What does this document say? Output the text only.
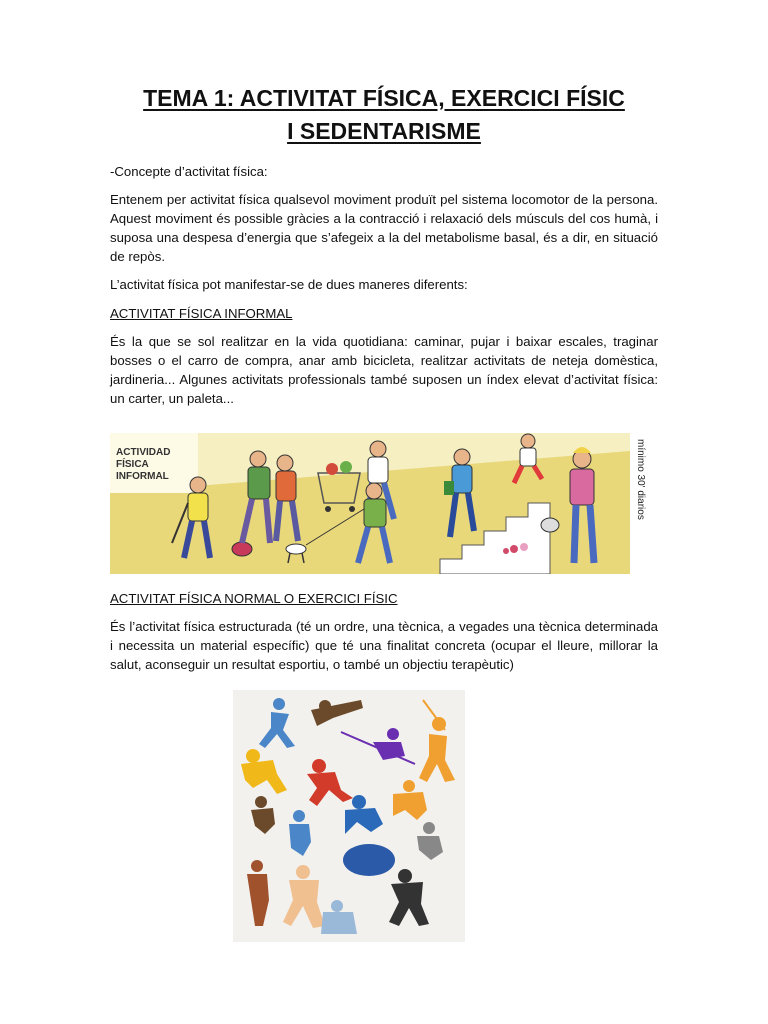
TEMA 1: ACTIVITAT FÍSICA, EXERCICI FÍSIC
I SEDENTARISME
-Concepte d’activitat física:
Entenem per activitat física qualsevol moviment produït pel sistema locomotor de la persona. Aquest moviment és possible gràcies a la contracció i relaxació dels músculs del cos humà, i suposa una despesa d’energia que s’afegeix a la del metabolisme basal, és a dir, en situació de repòs.
L’activitat física pot manifestar-se de dues maneres diferents:
ACTIVITAT FÍSICA INFORMAL
És la que se sol realitzar en la vida quotidiana: caminar, pujar i baixar escales, traginar bosses o el carro de compra, anar amb bicicleta, realitzar activitats de neteja domèstica, jardineria... Algunes activitats professionals també suposen un índex elevat d’activitat física: un carter, un paleta...
ACTIVIDAD
FÍSICA
INFORMAL	mínimo 30' diarios
ACTIVITAT FÍSICA NORMAL O EXERCICI FÍSIC
És l’activitat física estructurada (té un ordre, una tècnica, a vegades una tècnica determinada i necessita un material específic) que té una finalitat concreta (ocupar el lleure, millorar la salut, aconseguir un resultat esportiu, o també un objectiu terapèutic)
